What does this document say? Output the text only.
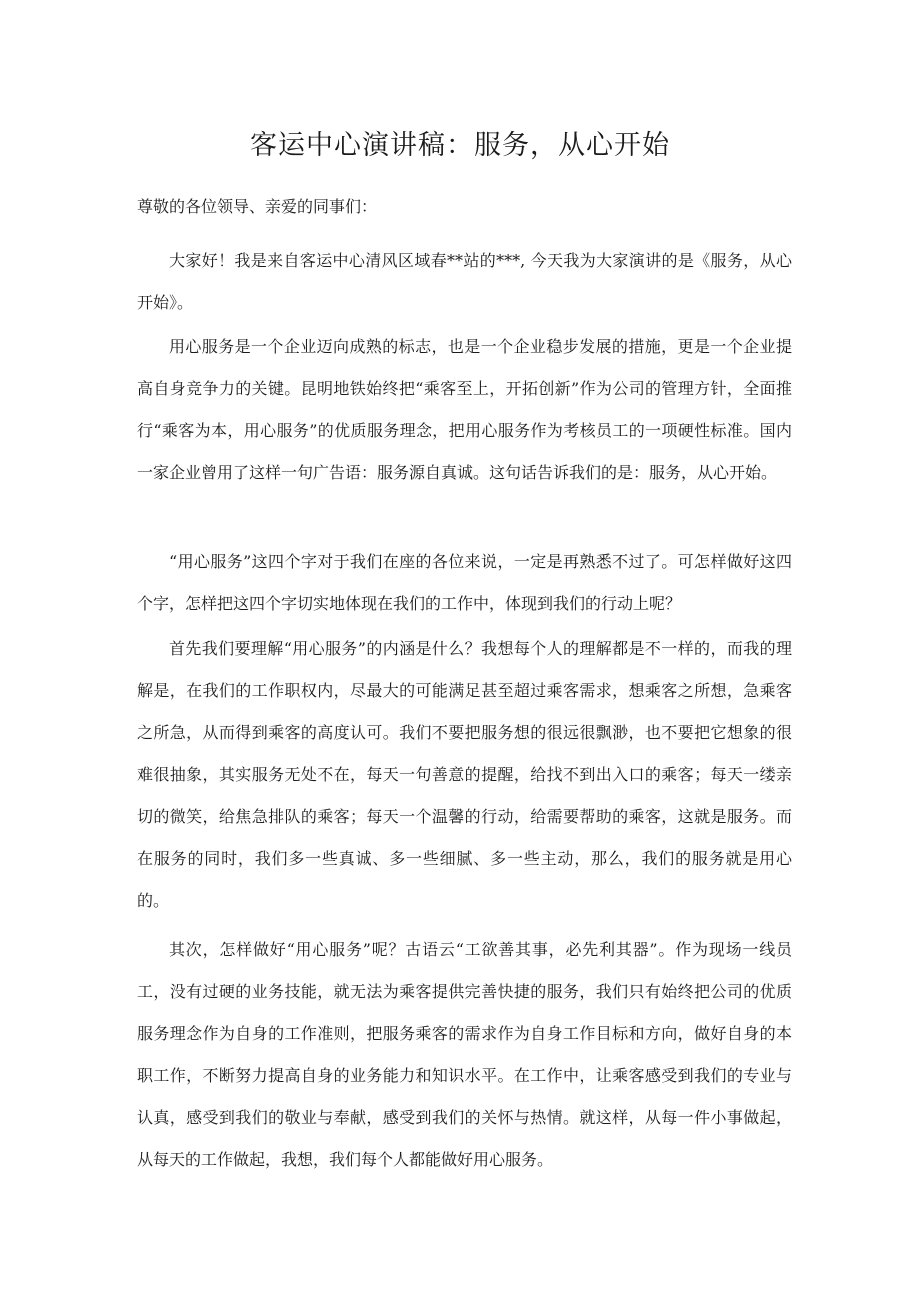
客运中心演讲稿：服务，从心开始

尊敬的各位领导、亲爱的同事们：

大家好！我是来自客运中心清风区域春**站的***, 今天我为大家演讲的是《服务，从心开始》。

用心服务是一个企业迈向成熟的标志，也是一个企业稳步发展的措施，更是一个企业提高自身竞争力的关键。昆明地铁始终把“乘客至上，开拓创新”作为公司的管理方针，全面推行“乘客为本，用心服务”的优质服务理念，把用心服务作为考核员工的一项硬性标准。国内一家企业曾用了这样一句广告语：服务源自真诚。这句话告诉我们的是：服务，从心开始。

“用心服务”这四个字对于我们在座的各位来说，一定是再熟悉不过了。可怎样做好这四个字，怎样把这四个字切实地体现在我们的工作中，体现到我们的行动上呢？

首先我们要理解“用心服务”的内涵是什么？我想每个人的理解都是不一样的，而我的理解是，在我们的工作职权内，尽最大的可能满足甚至超过乘客需求，想乘客之所想，急乘客之所急，从而得到乘客的高度认可。我们不要把服务想的很远很飘渺，也不要把它想象的很难很抽象，其实服务无处不在，每天一句善意的提醒，给找不到出入口的乘客；每天一缕亲切的微笑，给焦急排队的乘客；每天一个温馨的行动，给需要帮助的乘客，这就是服务。而在服务的同时，我们多一些真诚、多一些细腻、多一些主动，那么，我们的服务就是用心的。

其次，怎样做好“用心服务”呢？古语云“工欲善其事，必先利其器”。作为现场一线员工，没有过硬的业务技能，就无法为乘客提供完善快捷的服务，我们只有始终把公司的优质服务理念作为自身的工作准则，把服务乘客的需求作为自身工作目标和方向，做好自身的本职工作，不断努力提高自身的业务能力和知识水平。在工作中，让乘客感受到我们的专业与认真，感受到我们的敬业与奉献，感受到我们的关怀与热情。就这样，从每一件小事做起，从每天的工作做起，我想，我们每个人都能做好用心服务。
